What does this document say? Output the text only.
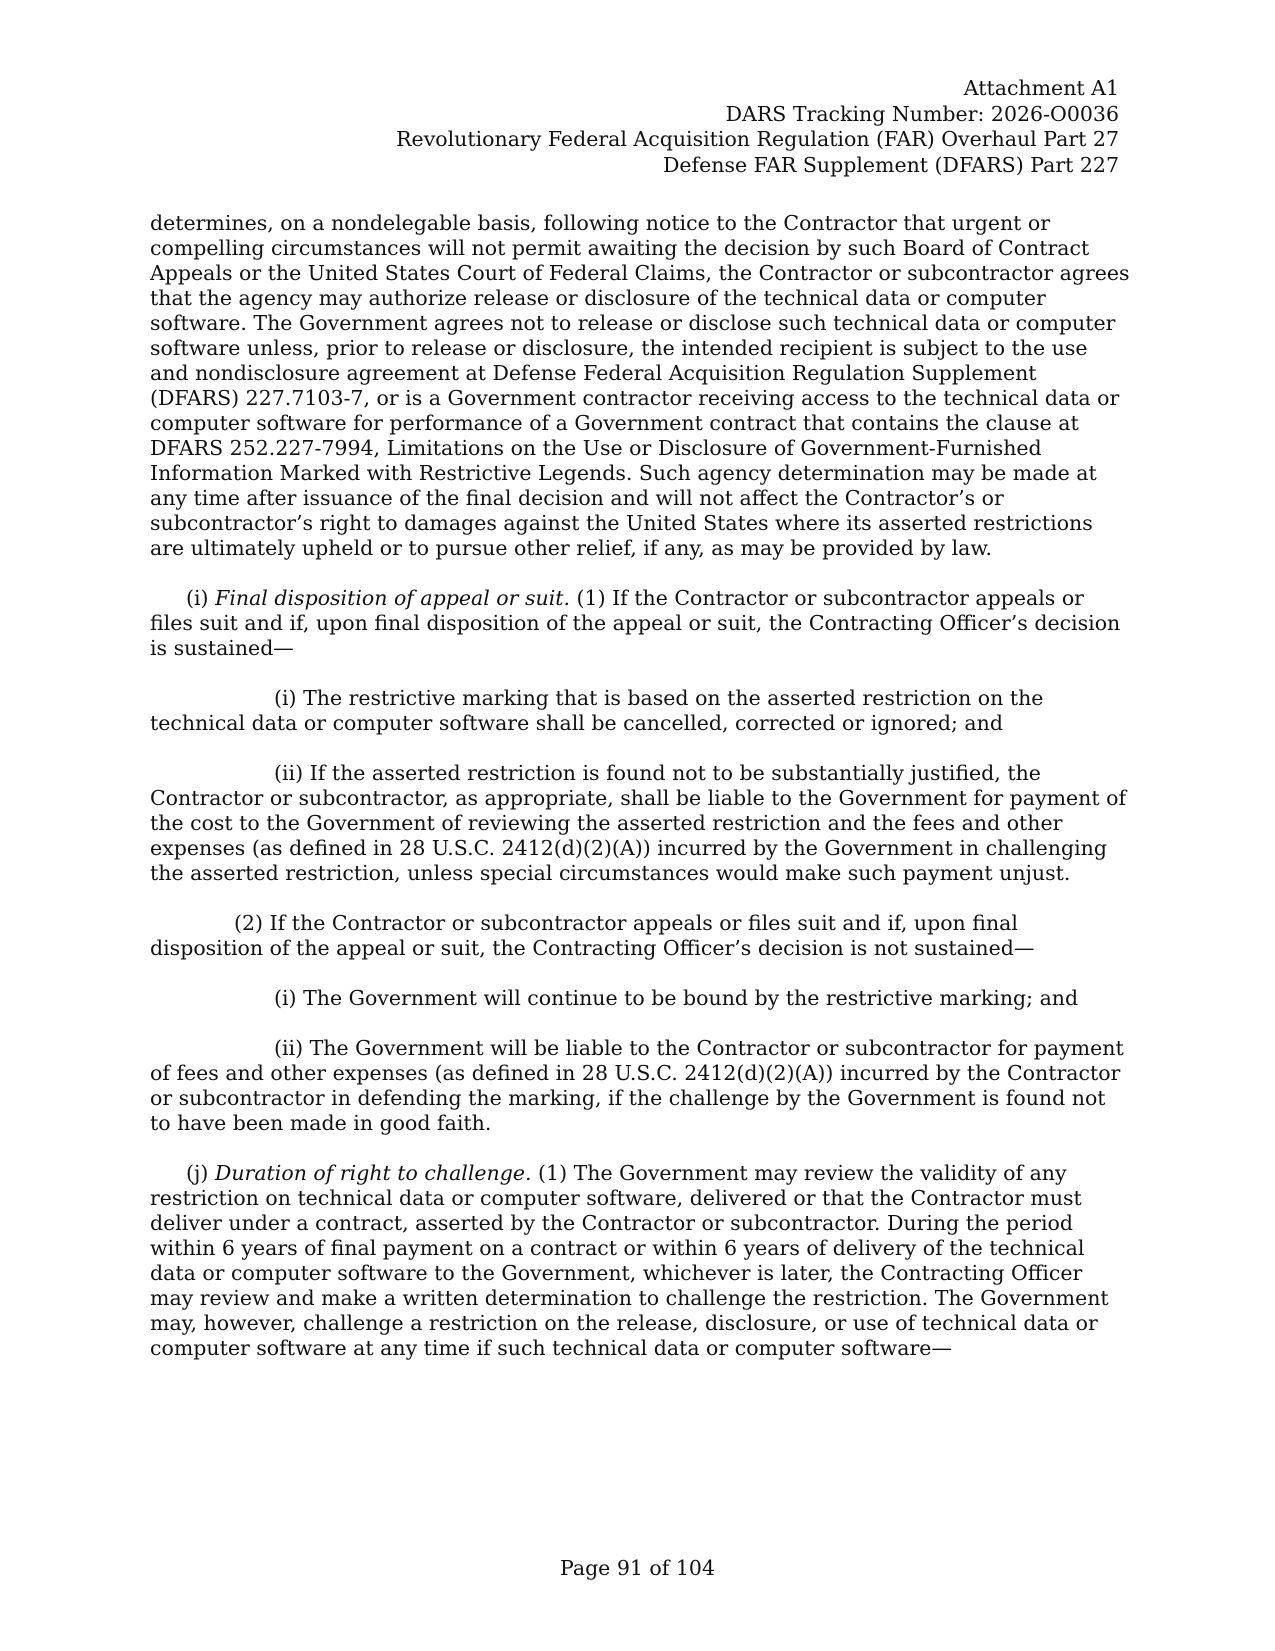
Attachment A1
DARS Tracking Number: 2026-O0036
Revolutionary Federal Acquisition Regulation (FAR) Overhaul Part 27
Defense FAR Supplement (DFARS) Part 227

determines, on a nondelegable basis, following notice to the Contractor that urgent or compelling circumstances will not permit awaiting the decision by such Board of Contract Appeals or the United States Court of Federal Claims, the Contractor or subcontractor agrees that the agency may authorize release or disclosure of the technical data or computer software. The Government agrees not to release or disclose such technical data or computer software unless, prior to release or disclosure, the intended recipient is subject to the use and nondisclosure agreement at Defense Federal Acquisition Regulation Supplement (DFARS) 227.7103-7, or is a Government contractor receiving access to the technical data or computer software for performance of a Government contract that contains the clause at DFARS 252.227-7994, Limitations on the Use or Disclosure of Government-Furnished Information Marked with Restrictive Legends. Such agency determination may be made at any time after issuance of the final decision and will not affect the Contractor’s or subcontractor’s right to damages against the United States where its asserted restrictions are ultimately upheld or to pursue other relief, if any, as may be provided by law.

(i) Final disposition of appeal or suit. (1) If the Contractor or subcontractor appeals or files suit and if, upon final disposition of the appeal or suit, the Contracting Officer’s decision is sustained—

(i) The restrictive marking that is based on the asserted restriction on the technical data or computer software shall be cancelled, corrected or ignored; and

(ii) If the asserted restriction is found not to be substantially justified, the Contractor or subcontractor, as appropriate, shall be liable to the Government for payment of the cost to the Government of reviewing the asserted restriction and the fees and other expenses (as defined in 28 U.S.C. 2412(d)(2)(A)) incurred by the Government in challenging the asserted restriction, unless special circumstances would make such payment unjust.

(2) If the Contractor or subcontractor appeals or files suit and if, upon final disposition of the appeal or suit, the Contracting Officer’s decision is not sustained—

(i) The Government will continue to be bound by the restrictive marking; and

(ii) The Government will be liable to the Contractor or subcontractor for payment of fees and other expenses (as defined in 28 U.S.C. 2412(d)(2)(A)) incurred by the Contractor or subcontractor in defending the marking, if the challenge by the Government is found not to have been made in good faith.

(j) Duration of right to challenge. (1) The Government may review the validity of any restriction on technical data or computer software, delivered or that the Contractor must deliver under a contract, asserted by the Contractor or subcontractor. During the period within 6 years of final payment on a contract or within 6 years of delivery of the technical data or computer software to the Government, whichever is later, the Contracting Officer may review and make a written determination to challenge the restriction. The Government may, however, challenge a restriction on the release, disclosure, or use of technical data or computer software at any time if such technical data or computer software—

Page 91 of 104
